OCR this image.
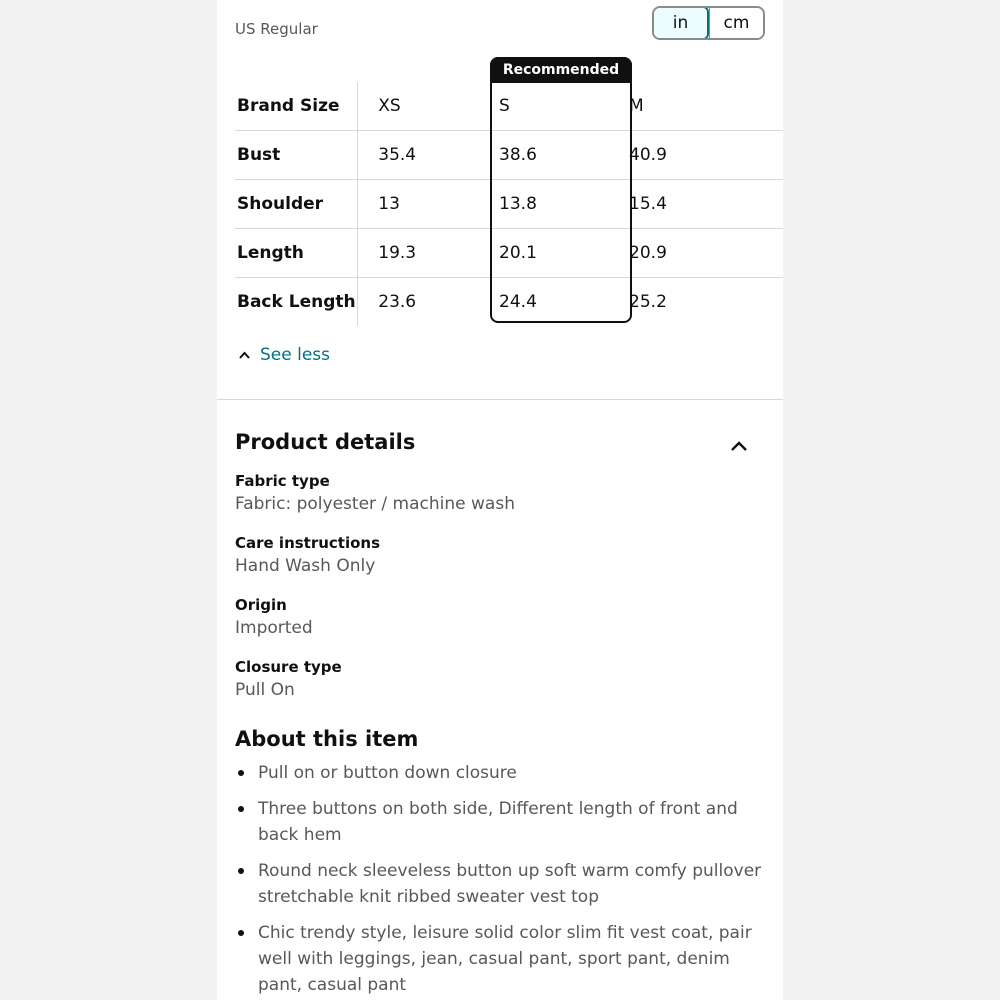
US Regular	in	cm
Brand Size	XS	S	M	
Bust	35.4	38.6	40.9	
Shoulder	13	13.8	15.4	
Length	19.3	20.1	20.9	
Back Length	23.6	24.4	25.2	
Recommended
See less
Product details
Fabric type
Fabric: polyester / machine wash
Care instructions
Hand Wash Only
Origin
Imported
Closure type
Pull On
About this item
Pull on or button down closure
Three buttons on both side, Different length of front and back hem
Round neck sleeveless button up soft warm comfy pullover stretchable knit ribbed sweater vest top
Chic trendy style, leisure solid color slim fit vest coat, pair well with leggings, jean, casual pant, sport pant, denim pant, casual pant
